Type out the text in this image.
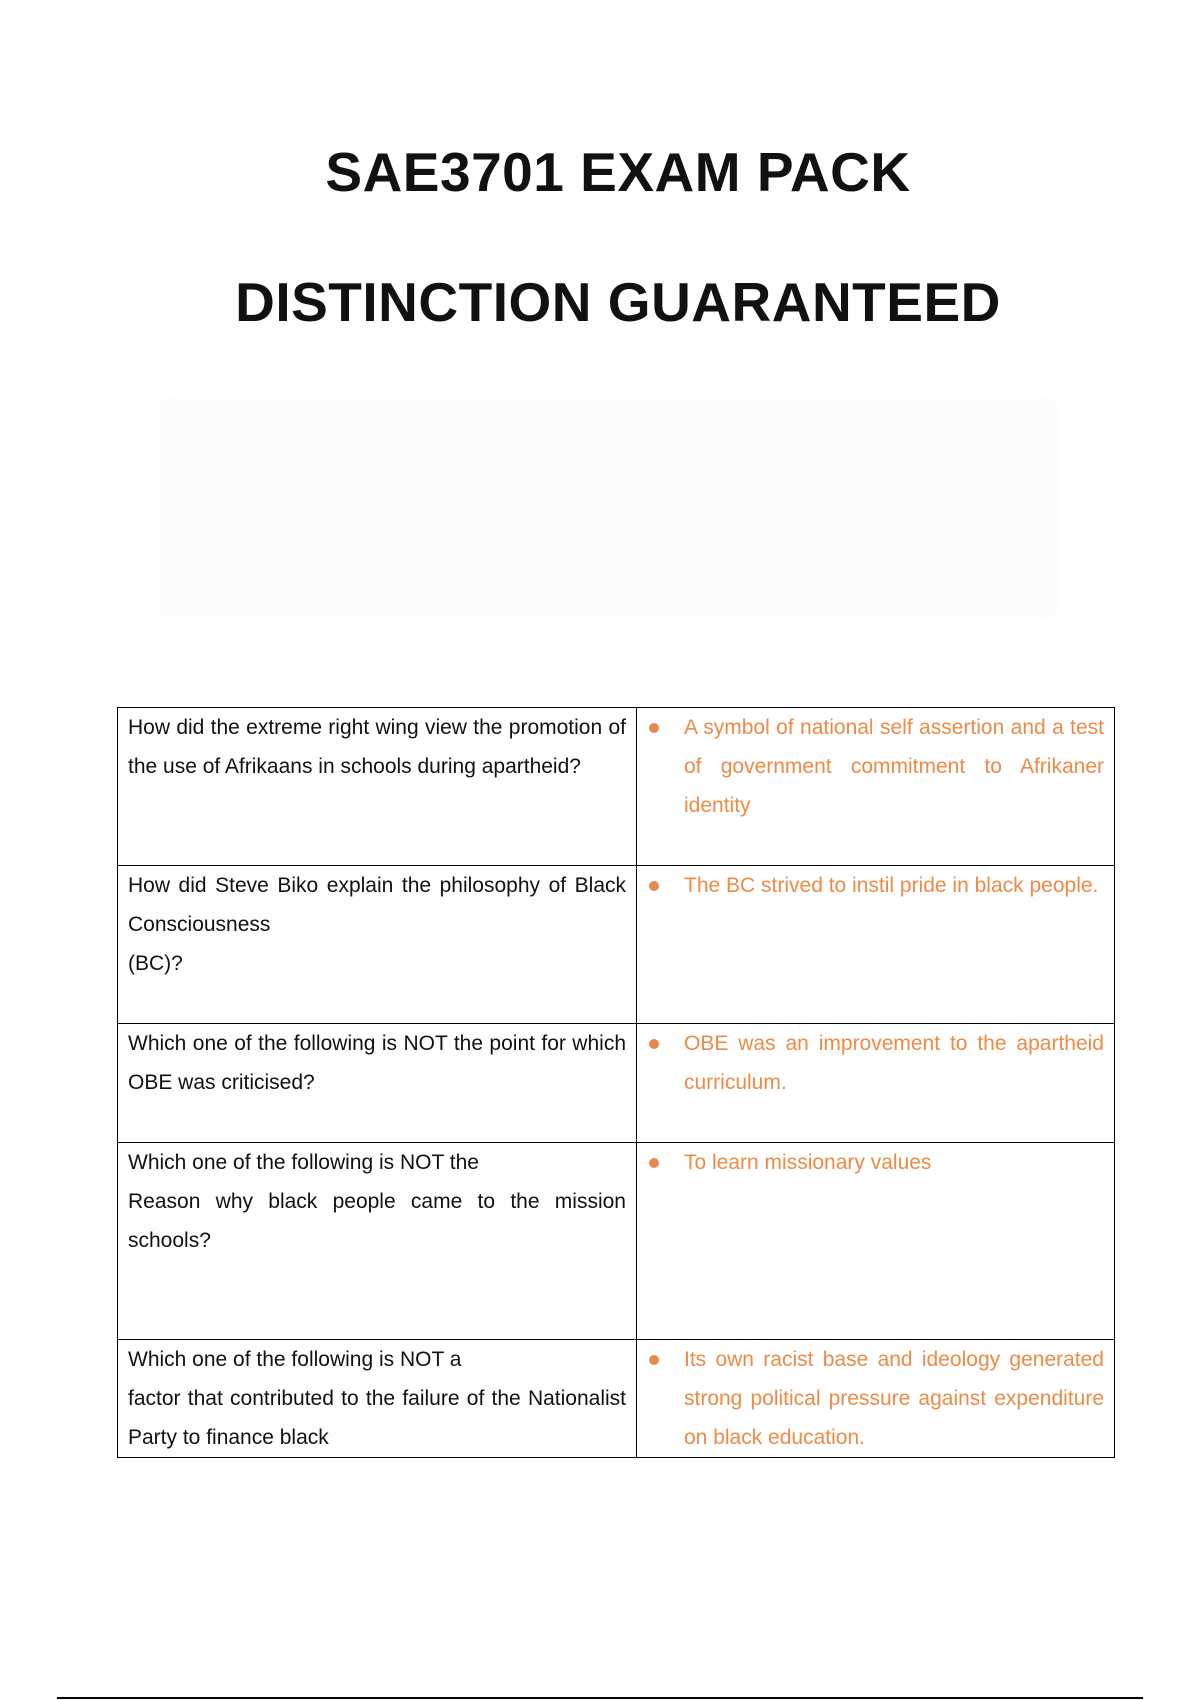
SAE3701 EXAM PACK
DISTINCTION GUARANTEED
How did the extreme right wing view the promotion of the use of Afrikaans in schools during apartheid?	A symbol of national self assertion and a test of government commitment to Afrikaner identity

How did Steve Biko explain the philosophy of Black Consciousness
(BC)?	The BC strived to instil pride in black people.

Which one of the following is NOT the point for which OBE was criticised?	OBE was an improvement to the apartheid curriculum.

Which one of the following is NOT the
Reason why black people came to the mission schools?	To learn missionary values

Which one of the following is NOT a
factor that contributed to the failure of the Nationalist Party to finance black	Its own racist base and ideology generated strong political pressure against expenditure on black education.
